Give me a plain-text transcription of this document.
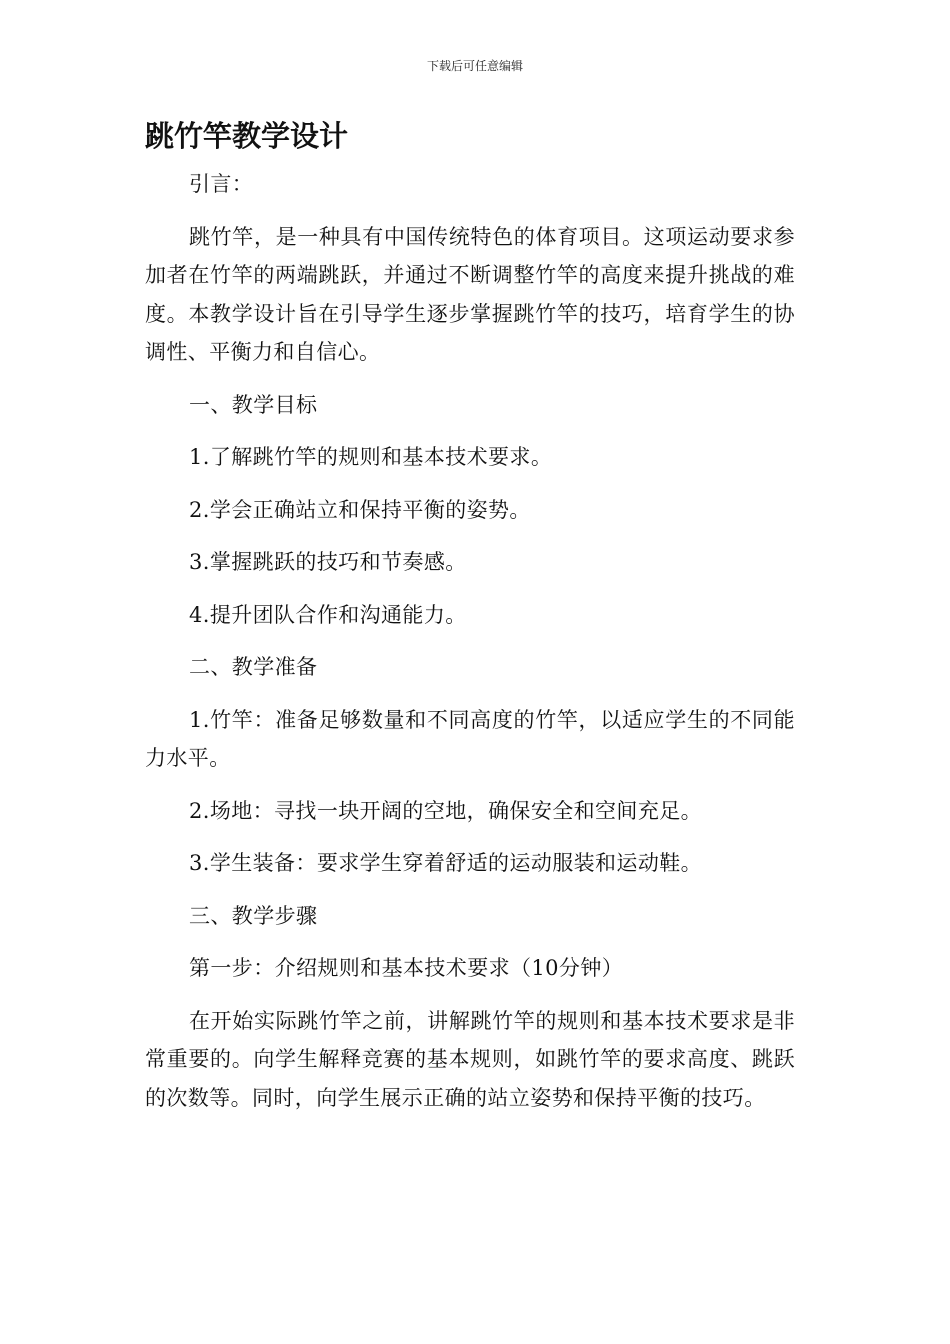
下载后可任意编辑
跳竹竿教学设计

引言：

跳竹竿，是一种具有中国传统特色的体育项目。这项运动要求参加者在竹竿的两端跳跃，并通过不断调整竹竿的高度来提升挑战的难度。本教学设计旨在引导学生逐步掌握跳竹竿的技巧，培育学生的协调性、平衡力和自信心。

一、教学目标

1.了解跳竹竿的规则和基本技术要求。

2.学会正确站立和保持平衡的姿势。

3.掌握跳跃的技巧和节奏感。

4.提升团队合作和沟通能力。

二、教学准备

1.竹竿：准备足够数量和不同高度的竹竿，以适应学生的不同能力水平。

2.场地：寻找一块开阔的空地，确保安全和空间充足。

3.学生装备：要求学生穿着舒适的运动服装和运动鞋。

三、教学步骤

第一步：介绍规则和基本技术要求（10分钟）

在开始实际跳竹竿之前，讲解跳竹竿的规则和基本技术要求是非常重要的。向学生解释竞赛的基本规则，如跳竹竿的要求高度、跳跃的次数等。同时，向学生展示正确的站立姿势和保持平衡的技巧。
